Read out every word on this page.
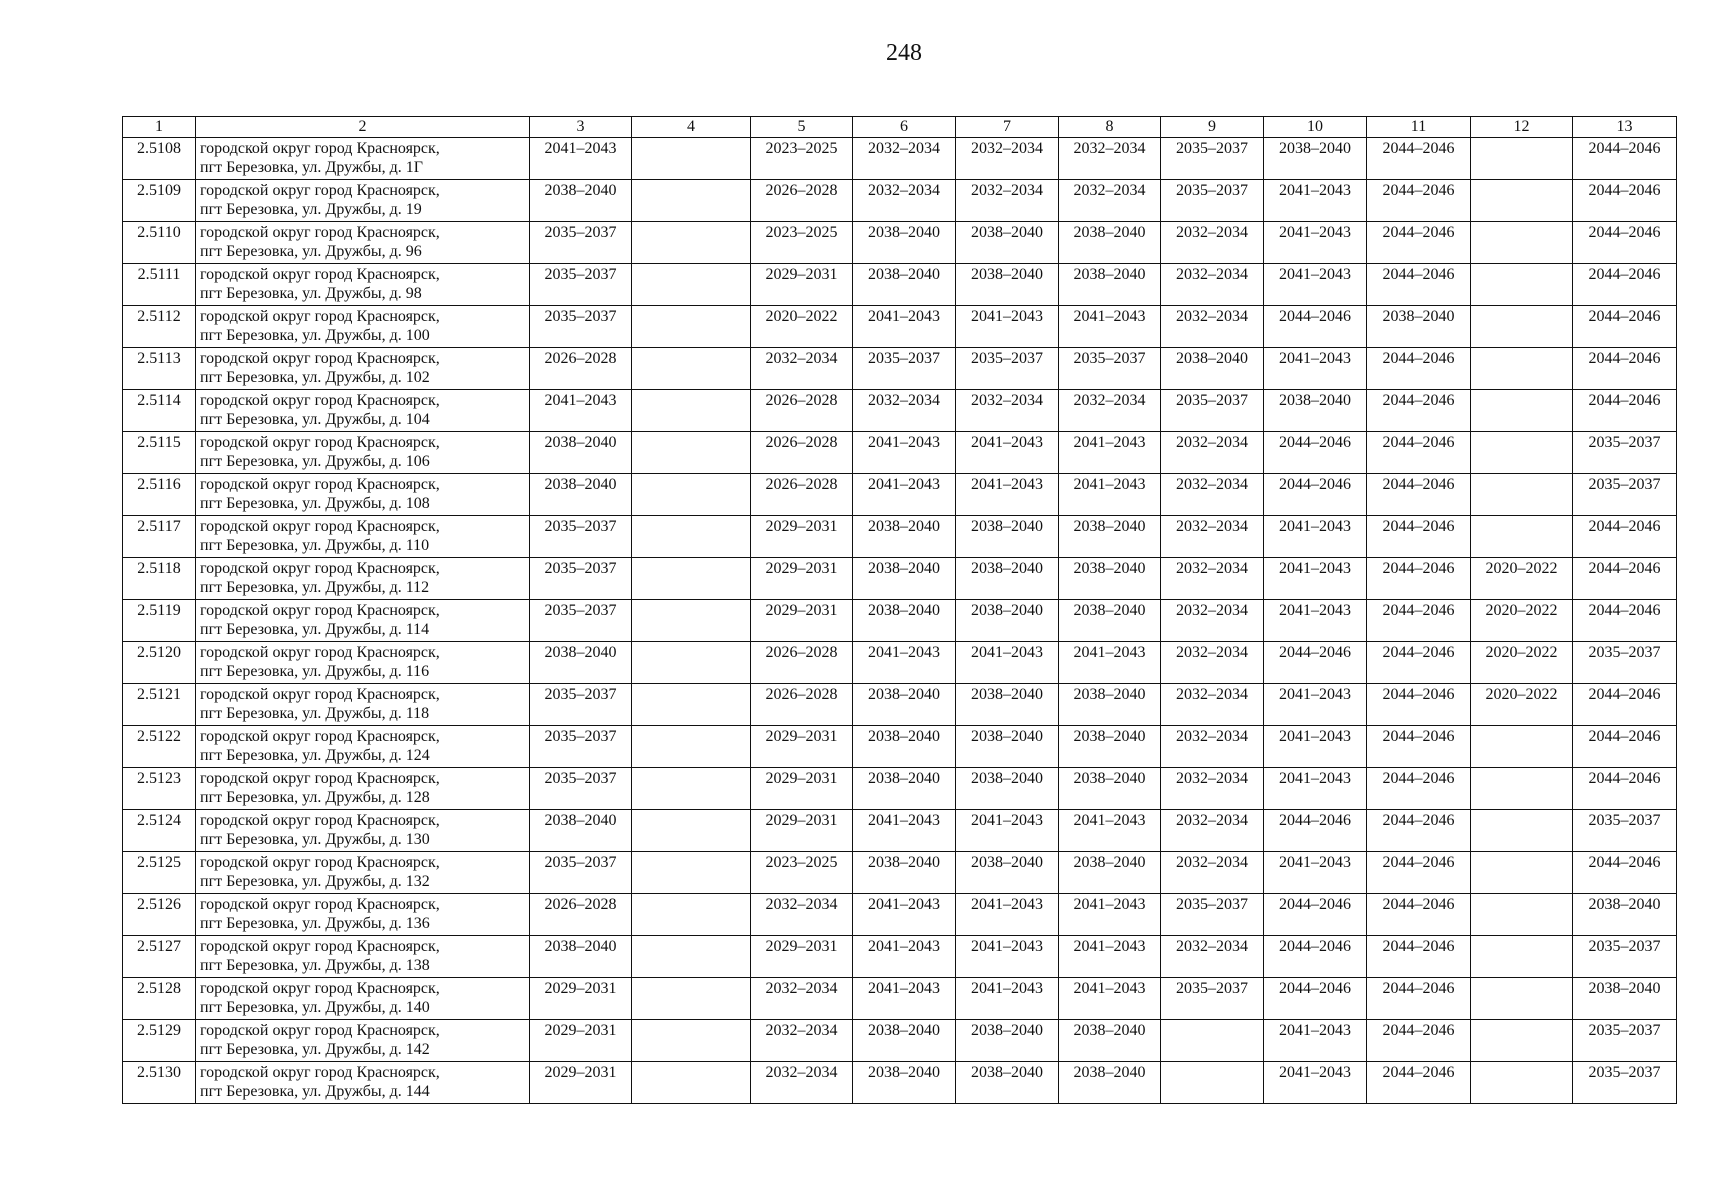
248
1	2	3	4	5	6	7	8	9	10	11	12	13
2.5108	городской округ город Красноярск,
пгт Березовка, ул. Дружбы, д. 1Г	2041–2043		2023–2025	2032–2034	2032–2034	2032–2034	2035–2037	2038–2040	2044–2046		2044–2046
2.5109	городской округ город Красноярск,
пгт Березовка, ул. Дружбы, д. 19	2038–2040		2026–2028	2032–2034	2032–2034	2032–2034	2035–2037	2041–2043	2044–2046		2044–2046
2.5110	городской округ город Красноярск,
пгт Березовка, ул. Дружбы, д. 96	2035–2037		2023–2025	2038–2040	2038–2040	2038–2040	2032–2034	2041–2043	2044–2046		2044–2046
2.5111	городской округ город Красноярск,
пгт Березовка, ул. Дружбы, д. 98	2035–2037		2029–2031	2038–2040	2038–2040	2038–2040	2032–2034	2041–2043	2044–2046		2044–2046
2.5112	городской округ город Красноярск,
пгт Березовка, ул. Дружбы, д. 100	2035–2037		2020–2022	2041–2043	2041–2043	2041–2043	2032–2034	2044–2046	2038–2040		2044–2046
2.5113	городской округ город Красноярск,
пгт Березовка, ул. Дружбы, д. 102	2026–2028		2032–2034	2035–2037	2035–2037	2035–2037	2038–2040	2041–2043	2044–2046		2044–2046
2.5114	городской округ город Красноярск,
пгт Березовка, ул. Дружбы, д. 104	2041–2043		2026–2028	2032–2034	2032–2034	2032–2034	2035–2037	2038–2040	2044–2046		2044–2046
2.5115	городской округ город Красноярск,
пгт Березовка, ул. Дружбы, д. 106	2038–2040		2026–2028	2041–2043	2041–2043	2041–2043	2032–2034	2044–2046	2044–2046		2035–2037
2.5116	городской округ город Красноярск,
пгт Березовка, ул. Дружбы, д. 108	2038–2040		2026–2028	2041–2043	2041–2043	2041–2043	2032–2034	2044–2046	2044–2046		2035–2037
2.5117	городской округ город Красноярск,
пгт Березовка, ул. Дружбы, д. 110	2035–2037		2029–2031	2038–2040	2038–2040	2038–2040	2032–2034	2041–2043	2044–2046		2044–2046
2.5118	городской округ город Красноярск,
пгт Березовка, ул. Дружбы, д. 112	2035–2037		2029–2031	2038–2040	2038–2040	2038–2040	2032–2034	2041–2043	2044–2046	2020–2022	2044–2046
2.5119	городской округ город Красноярск,
пгт Березовка, ул. Дружбы, д. 114	2035–2037		2029–2031	2038–2040	2038–2040	2038–2040	2032–2034	2041–2043	2044–2046	2020–2022	2044–2046
2.5120	городской округ город Красноярск,
пгт Березовка, ул. Дружбы, д. 116	2038–2040		2026–2028	2041–2043	2041–2043	2041–2043	2032–2034	2044–2046	2044–2046	2020–2022	2035–2037
2.5121	городской округ город Красноярск,
пгт Березовка, ул. Дружбы, д. 118	2035–2037		2026–2028	2038–2040	2038–2040	2038–2040	2032–2034	2041–2043	2044–2046	2020–2022	2044–2046
2.5122	городской округ город Красноярск,
пгт Березовка, ул. Дружбы, д. 124	2035–2037		2029–2031	2038–2040	2038–2040	2038–2040	2032–2034	2041–2043	2044–2046		2044–2046
2.5123	городской округ город Красноярск,
пгт Березовка, ул. Дружбы, д. 128	2035–2037		2029–2031	2038–2040	2038–2040	2038–2040	2032–2034	2041–2043	2044–2046		2044–2046
2.5124	городской округ город Красноярск,
пгт Березовка, ул. Дружбы, д. 130	2038–2040		2029–2031	2041–2043	2041–2043	2041–2043	2032–2034	2044–2046	2044–2046		2035–2037
2.5125	городской округ город Красноярск,
пгт Березовка, ул. Дружбы, д. 132	2035–2037		2023–2025	2038–2040	2038–2040	2038–2040	2032–2034	2041–2043	2044–2046		2044–2046
2.5126	городской округ город Красноярск,
пгт Березовка, ул. Дружбы, д. 136	2026–2028		2032–2034	2041–2043	2041–2043	2041–2043	2035–2037	2044–2046	2044–2046		2038–2040
2.5127	городской округ город Красноярск,
пгт Березовка, ул. Дружбы, д. 138	2038–2040		2029–2031	2041–2043	2041–2043	2041–2043	2032–2034	2044–2046	2044–2046		2035–2037
2.5128	городской округ город Красноярск,
пгт Березовка, ул. Дружбы, д. 140	2029–2031		2032–2034	2041–2043	2041–2043	2041–2043	2035–2037	2044–2046	2044–2046		2038–2040
2.5129	городской округ город Красноярск,
пгт Березовка, ул. Дружбы, д. 142	2029–2031		2032–2034	2038–2040	2038–2040	2038–2040		2041–2043	2044–2046		2035–2037
2.5130	городской округ город Красноярск,
пгт Березовка, ул. Дружбы, д. 144	2029–2031		2032–2034	2038–2040	2038–2040	2038–2040		2041–2043	2044–2046		2035–2037
